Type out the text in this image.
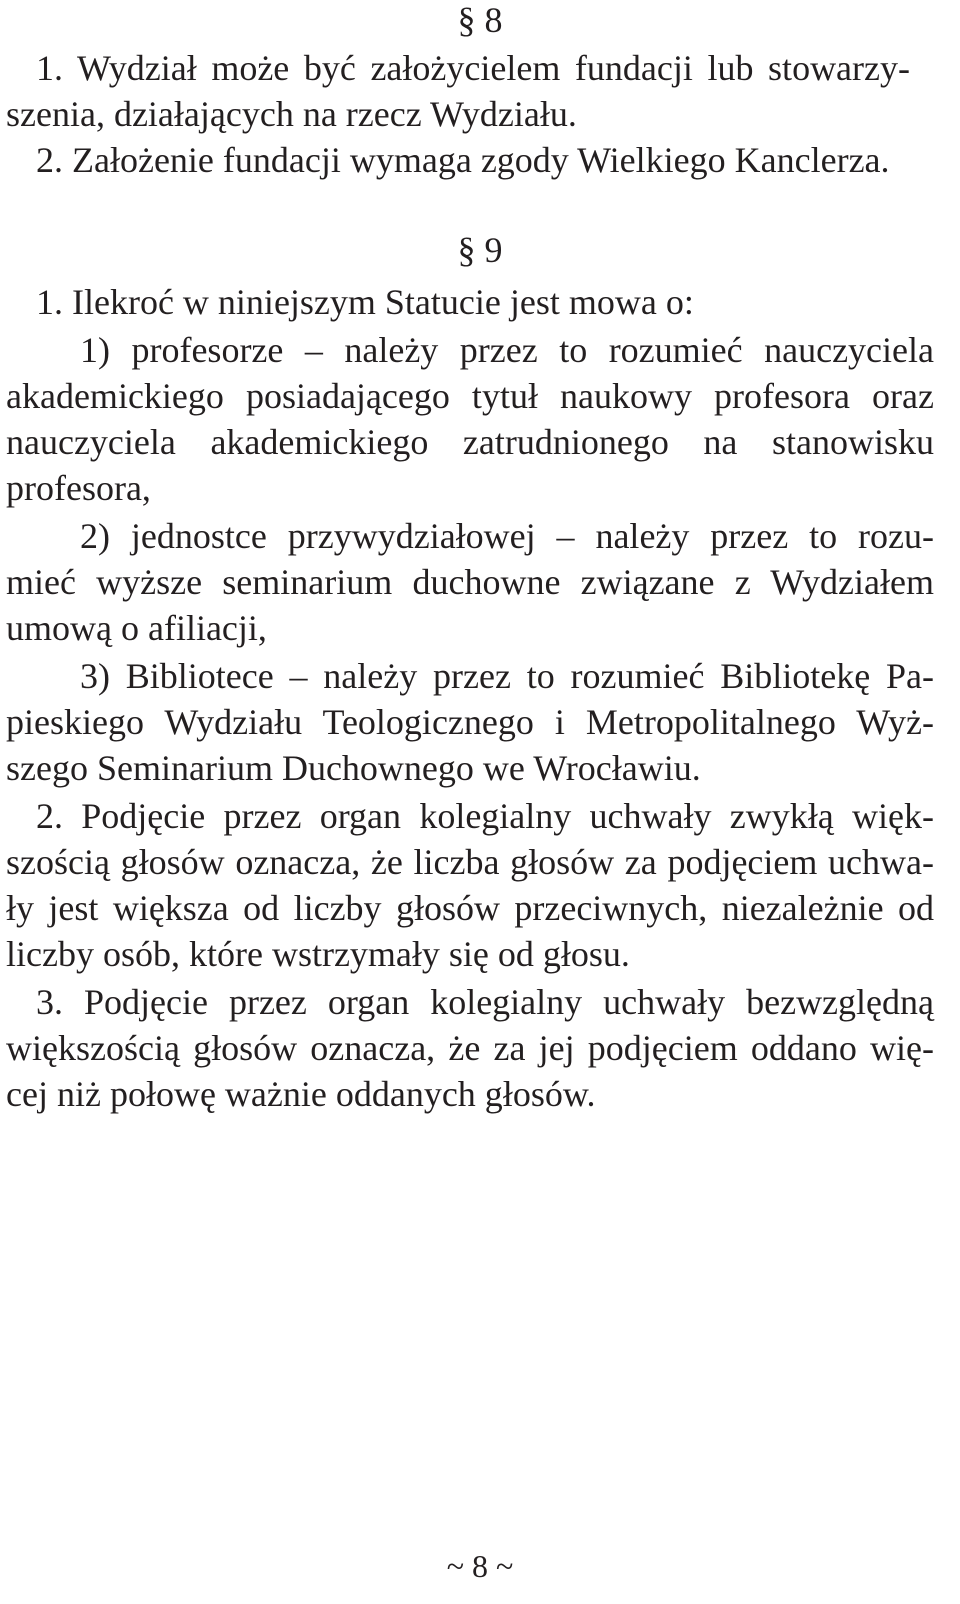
§ 8
1. Wydział może być założycielem fundacji lub stowarzy-
szenia, działających na rzecz Wydziału.
2. Założenie fundacji wymaga zgody Wielkiego Kanclerza.
§ 9
1. Ilekroć w niniejszym Statucie jest mowa o:
1) profesorze – należy przez to rozumieć nauczyciela
akademickiego posiadającego tytuł naukowy profesora oraz
nauczyciela akademickiego zatrudnionego na stanowisku
profesora,
2) jednostce przywydziałowej – należy przez to rozu-
mieć wyższe seminarium duchowne związane z Wydziałem
umową o afiliacji,
3) Bibliotece – należy przez to rozumieć Bibliotekę Pa-
pieskiego Wydziału Teologicznego i Metropolitalnego Wyż-
szego Seminarium Duchownego we Wrocławiu.
2. Podjęcie przez organ kolegialny uchwały zwykłą więk-
szością głosów oznacza, że liczba głosów za podjęciem uchwa-
ły jest większa od liczby głosów przeciwnych, niezależnie od
liczby osób, które wstrzymały się od głosu.
3. Podjęcie przez organ kolegialny uchwały bezwzględną
większością głosów oznacza, że za jej podjęciem oddano wię-
cej niż połowę ważnie oddanych głosów.
~ 8 ~
